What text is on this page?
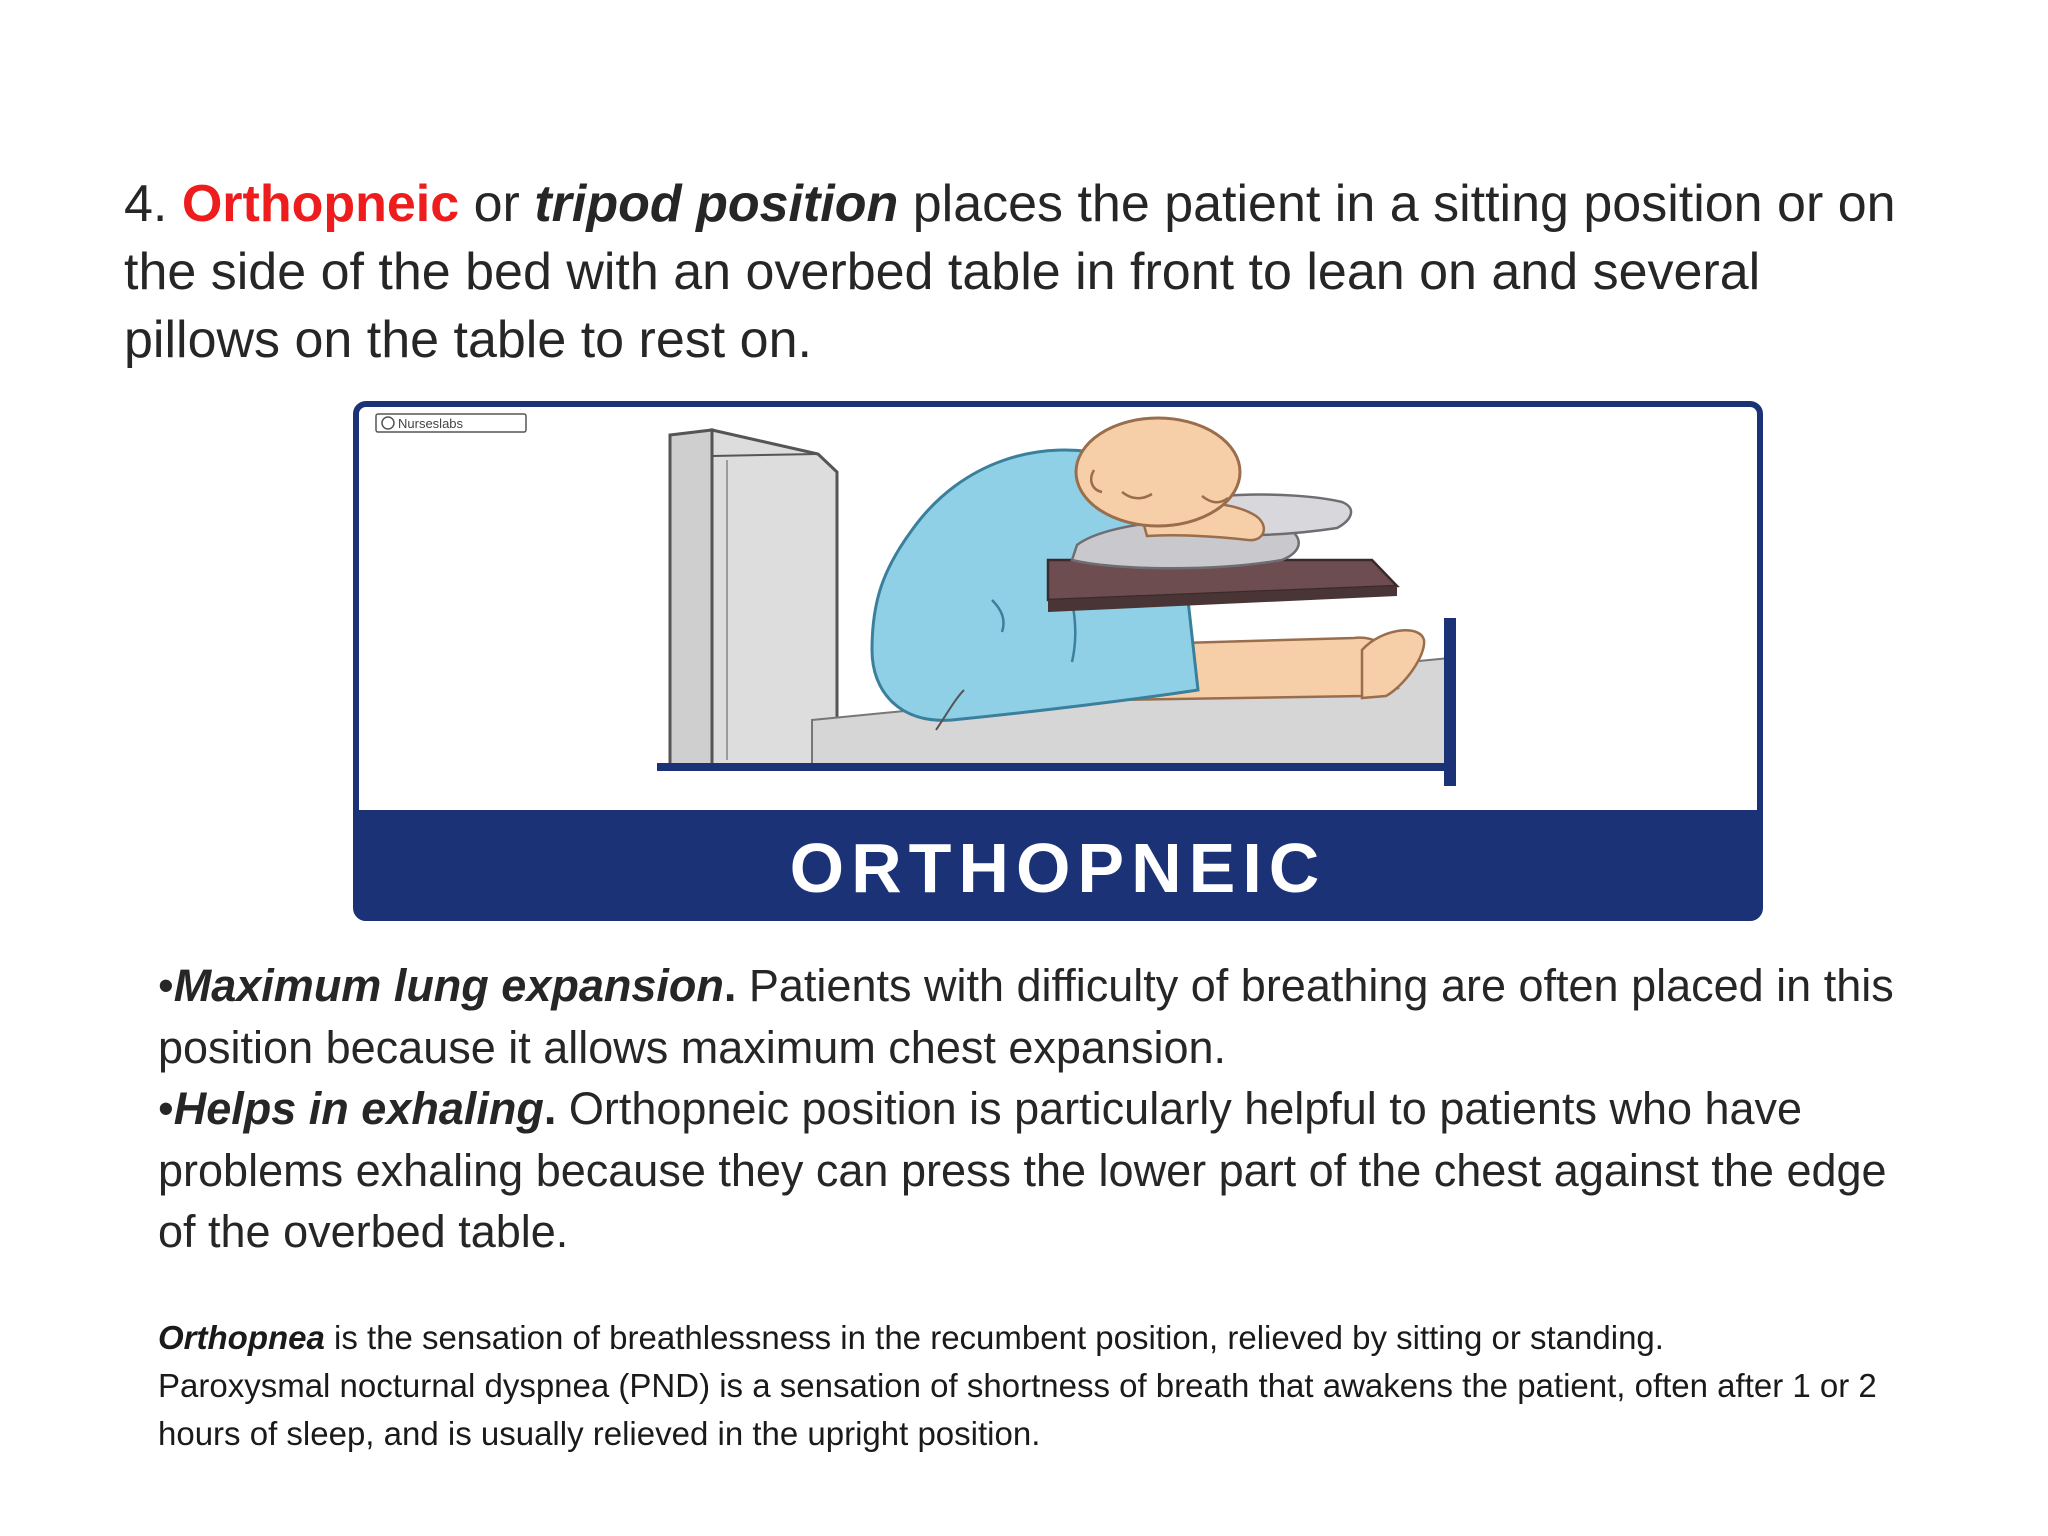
4. Orthopneic or tripod position places the patient in a sitting position or on the side of the bed with an overbed table in front to lean on and several pillows on the table to rest on.
Nurseslabs
ORTHOPNEIC

•Maximum lung expansion. Patients with difficulty of breathing are often placed in this position because it allows maximum chest expansion.

•Helps in exhaling. Orthopneic position is particularly helpful to patients who have problems exhaling because they can press the lower part of the chest against the edge of the overbed table.

Orthopnea is the sensation of breathlessness in the recumbent position, relieved by sitting or standing.

Paroxysmal nocturnal dyspnea (PND) is a sensation of shortness of breath that awakens the patient, often after 1 or 2 hours of sleep, and is usually relieved in the upright position.
